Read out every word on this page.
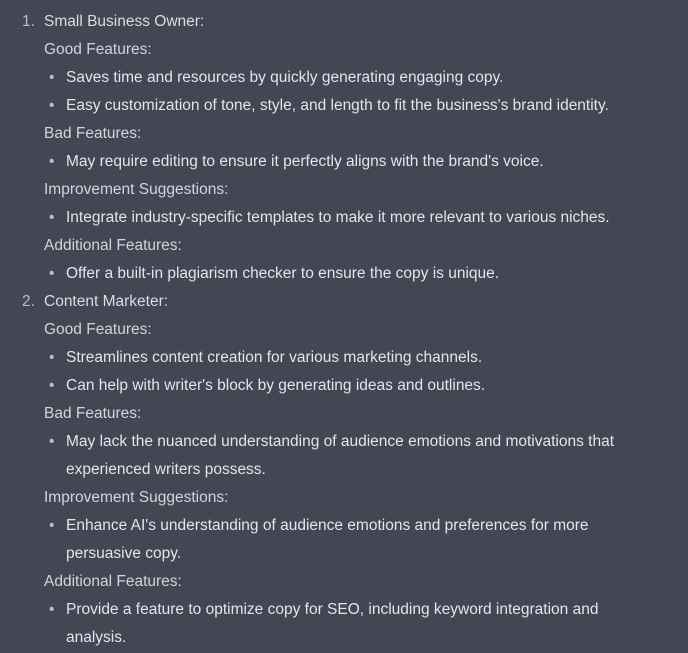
1. Small Business Owner:
Good Features:
• Saves time and resources by quickly generating engaging copy.
• Easy customization of tone, style, and length to fit the business's brand identity.
Bad Features:
• May require editing to ensure it perfectly aligns with the brand's voice.
Improvement Suggestions:
• Integrate industry-specific templates to make it more relevant to various niches.
Additional Features:
• Offer a built-in plagiarism checker to ensure the copy is unique.
2. Content Marketer:
Good Features:
• Streamlines content creation for various marketing channels.
• Can help with writer's block by generating ideas and outlines.
Bad Features:
• May lack the nuanced understanding of audience emotions and motivations that experienced writers possess.
Improvement Suggestions:
• Enhance AI's understanding of audience emotions and preferences for more persuasive copy.
Additional Features:
• Provide a feature to optimize copy for SEO, including keyword integration and analysis.
